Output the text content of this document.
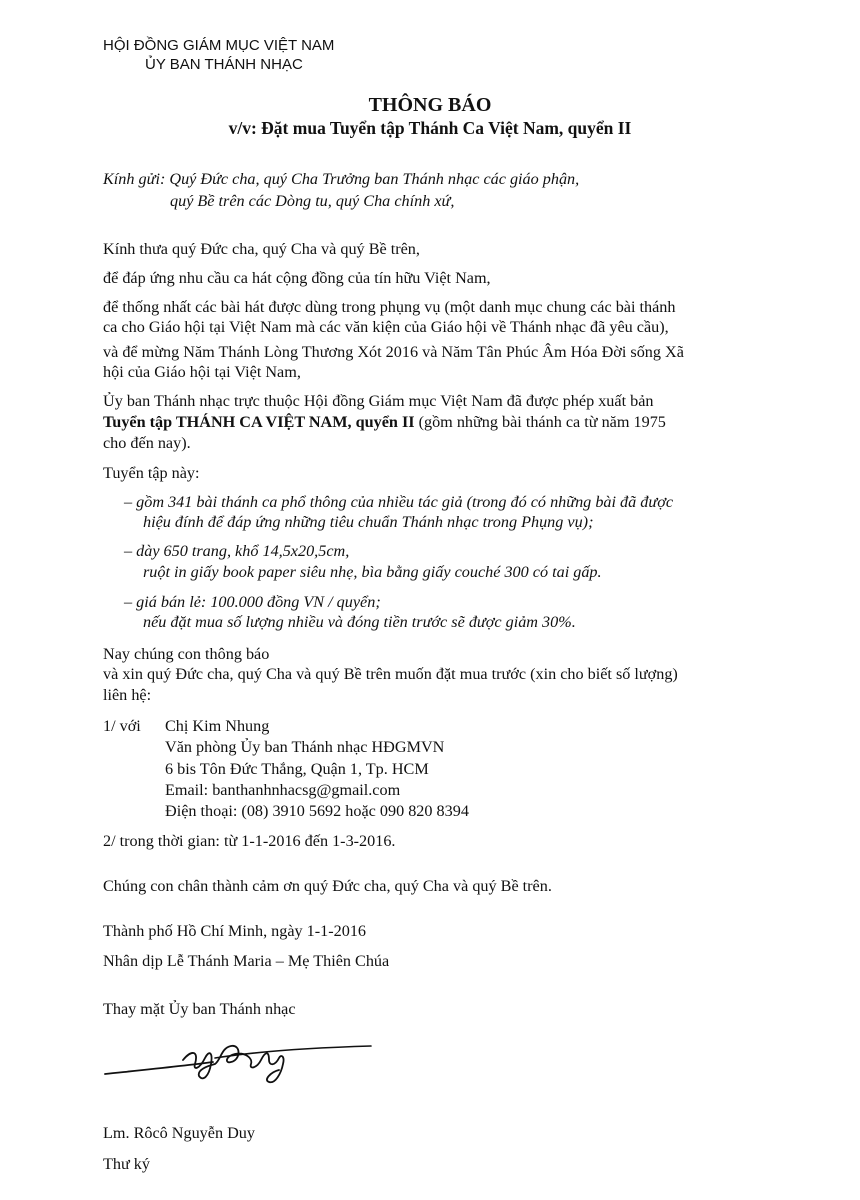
HỘI ĐỒNG GIÁM MỤC VIỆT NAM
ỦY BAN THÁNH NHẠC
THÔNG BÁO
v/v: Đặt mua Tuyển tập Thánh Ca Việt Nam, quyển II
Kính gửi: Quý Đức cha, quý Cha Trưởng ban Thánh nhạc các giáo phận,
quý Bề trên các Dòng tu, quý Cha chính xứ,
Kính thưa quý Đức cha, quý Cha và quý Bề trên,
để đáp ứng nhu cầu ca hát cộng đồng của tín hữu Việt Nam,
để thống nhất các bài hát được dùng trong phụng vụ (một danh mục chung các bài thánh
ca cho Giáo hội tại Việt Nam mà các văn kiện của Giáo hội về Thánh nhạc đã yêu cầu),
và để mừng Năm Thánh Lòng Thương Xót 2016 và Năm Tân Phúc Âm Hóa Đời sống Xã
hội của Giáo hội tại Việt Nam,
Ủy ban Thánh nhạc trực thuộc Hội đồng Giám mục Việt Nam đã được phép xuất bản
Tuyển tập THÁNH CA VIỆT NAM, quyển II (gồm những bài thánh ca từ năm 1975
cho đến nay).
Tuyển tập này:
– gồm 341 bài thánh ca phổ thông của nhiều tác giả (trong đó có những bài đã được
hiệu đính để đáp ứng những tiêu chuẩn Thánh nhạc trong Phụng vụ);
– dày 650 trang, khổ 14,5x20,5cm,
ruột in giấy book paper siêu nhẹ, bìa bằng giấy couché 300 có tai gấp.
– giá bán lẻ: 100.000 đồng VN / quyển;
nếu đặt mua số lượng nhiều và đóng tiền trước sẽ được giảm 30%.
Nay chúng con thông báo
và xin quý Đức cha, quý Cha và quý Bề trên muốn đặt mua trước (xin cho biết số lượng)
liên hệ:
1/ với Chị Kim Nhung
Văn phòng Ủy ban Thánh nhạc HĐGMVN
6 bis Tôn Đức Thắng, Quận 1, Tp. HCM
Email: banthanhnhacsg@gmail.com
Điện thoại: (08) 3910 5692 hoặc 090 820 8394
2/ trong thời gian: từ 1-1-2016 đến 1-3-2016.
Chúng con chân thành cảm ơn quý Đức cha, quý Cha và quý Bề trên.
Thành phố Hồ Chí Minh, ngày 1-1-2016
Nhân dịp Lễ Thánh Maria – Mẹ Thiên Chúa
Thay mặt Ủy ban Thánh nhạc
Lm. Rôcô Nguyễn Duy
Thư ký
